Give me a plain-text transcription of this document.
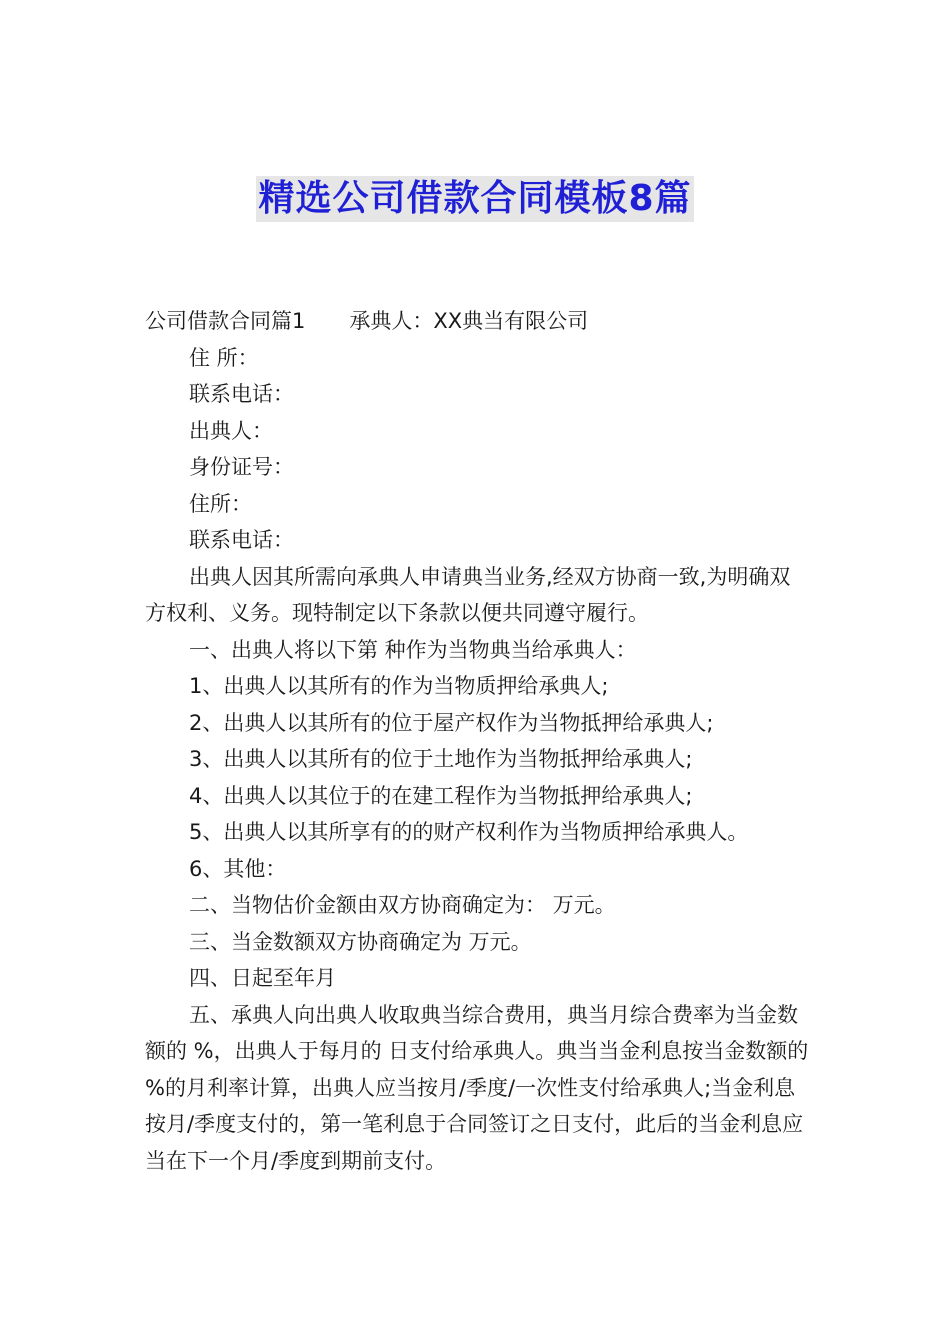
精选公司借款合同模板8篇

公司借款合同篇1 承典人：XX典当有限公司

住 所：

联系电话：

出典人：

身份证号：

住所：

联系电话：

出典人因其所需向承典人申请典当业务,经双方协商一致,为明确双方权利、义务。现特制定以下条款以便共同遵守履行。

一、出典人将以下第 种作为当物典当给承典人：

1、出典人以其所有的作为当物质押给承典人;

2、出典人以其所有的位于屋产权作为当物抵押给承典人;

3、出典人以其所有的位于土地作为当物抵押给承典人;

4、出典人以其位于的在建工程作为当物抵押给承典人;

5、出典人以其所享有的的财产权利作为当物质押给承典人。

6、其他：

二、当物估价金额由双方协商确定为： 万元。

三、当金数额双方协商确定为 万元。

四、日起至年月

五、承典人向出典人收取典当综合费用，典当月综合费率为当金数额的 %，出典人于每月的 日支付给承典人。典当当金利息按当金数额的 %的月利率计算，出典人应当按月/季度/一次性支付给承典人;当金利息按月/季度支付的，第一笔利息于合同签订之日支付，此后的当金利息应当在下一个月/季度到期前支付。
